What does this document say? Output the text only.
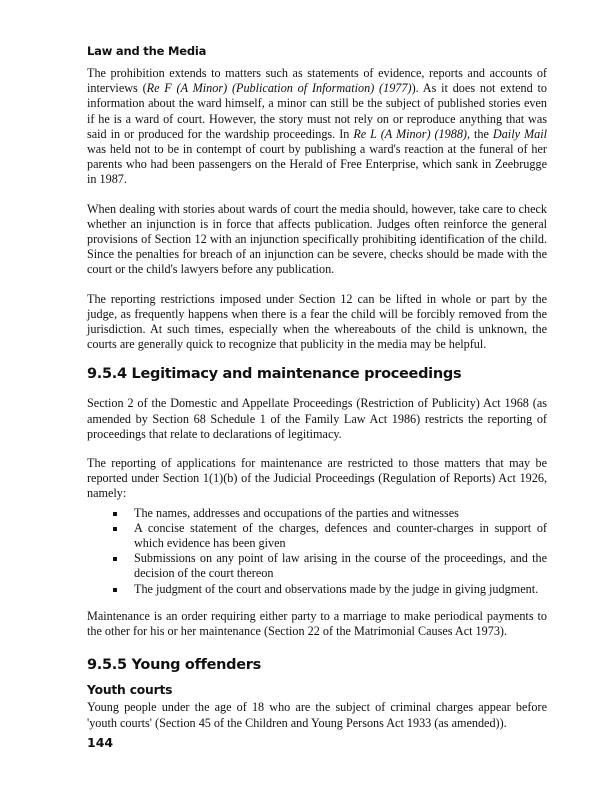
Law and the Media

The prohibition extends to matters such as statements of evidence, reports and accounts of interviews (Re F (A Minor) (Publication of Information) (1977)). As it does not extend to information about the ward himself, a minor can still be the subject of published stories even if he is a ward of court. However, the story must not rely on or reproduce anything that was said in or produced for the wardship proceedings. In Re L (A Minor) (1988), the Daily Mail was held not to be in contempt of court by publishing a ward's reaction at the funeral of her parents who had been passengers on the Herald of Free Enterprise, which sank in Zeebrugge in 1987.

When dealing with stories about wards of court the media should, however, take care to check whether an injunction is in force that affects publication. Judges often reinforce the general provisions of Section 12 with an injunction specifically prohibiting identification of the child. Since the penalties for breach of an injunction can be severe, checks should be made with the court or the child's lawyers before any publication.

The reporting restrictions imposed under Section 12 can be lifted in whole or part by the judge, as frequently happens when there is a fear the child will be forcibly removed from the jurisdiction. At such times, especially when the whereabouts of the child is unknown, the courts are generally quick to recognize that publicity in the media may be helpful.

9.5.4 Legitimacy and maintenance proceedings

Section 2 of the Domestic and Appellate Proceedings (Restriction of Publicity) Act 1968 (as amended by Section 68 Schedule 1 of the Family Law Act 1986) restricts the reporting of proceedings that relate to declarations of legitimacy.

The reporting of applications for maintenance are restricted to those matters that may be reported under Section 1(1)(b) of the Judicial Proceedings (Regulation of Reports) Act 1926, namely:

The names, addresses and occupations of the parties and witnesses
A concise statement of the charges, defences and counter-charges in support of which evidence has been given
Submissions on any point of law arising in the course of the proceedings, and the decision of the court thereon
The judgment of the court and observations made by the judge in giving judgment.

Maintenance is an order requiring either party to a marriage to make periodical payments to the other for his or her maintenance (Section 22 of the Matrimonial Causes Act 1973).

9.5.5 Young offenders
Youth courts

Young people under the age of 18 who are the subject of criminal charges appear before 'youth courts' (Section 45 of the Children and Young Persons Act 1933 (as amended)).

144
